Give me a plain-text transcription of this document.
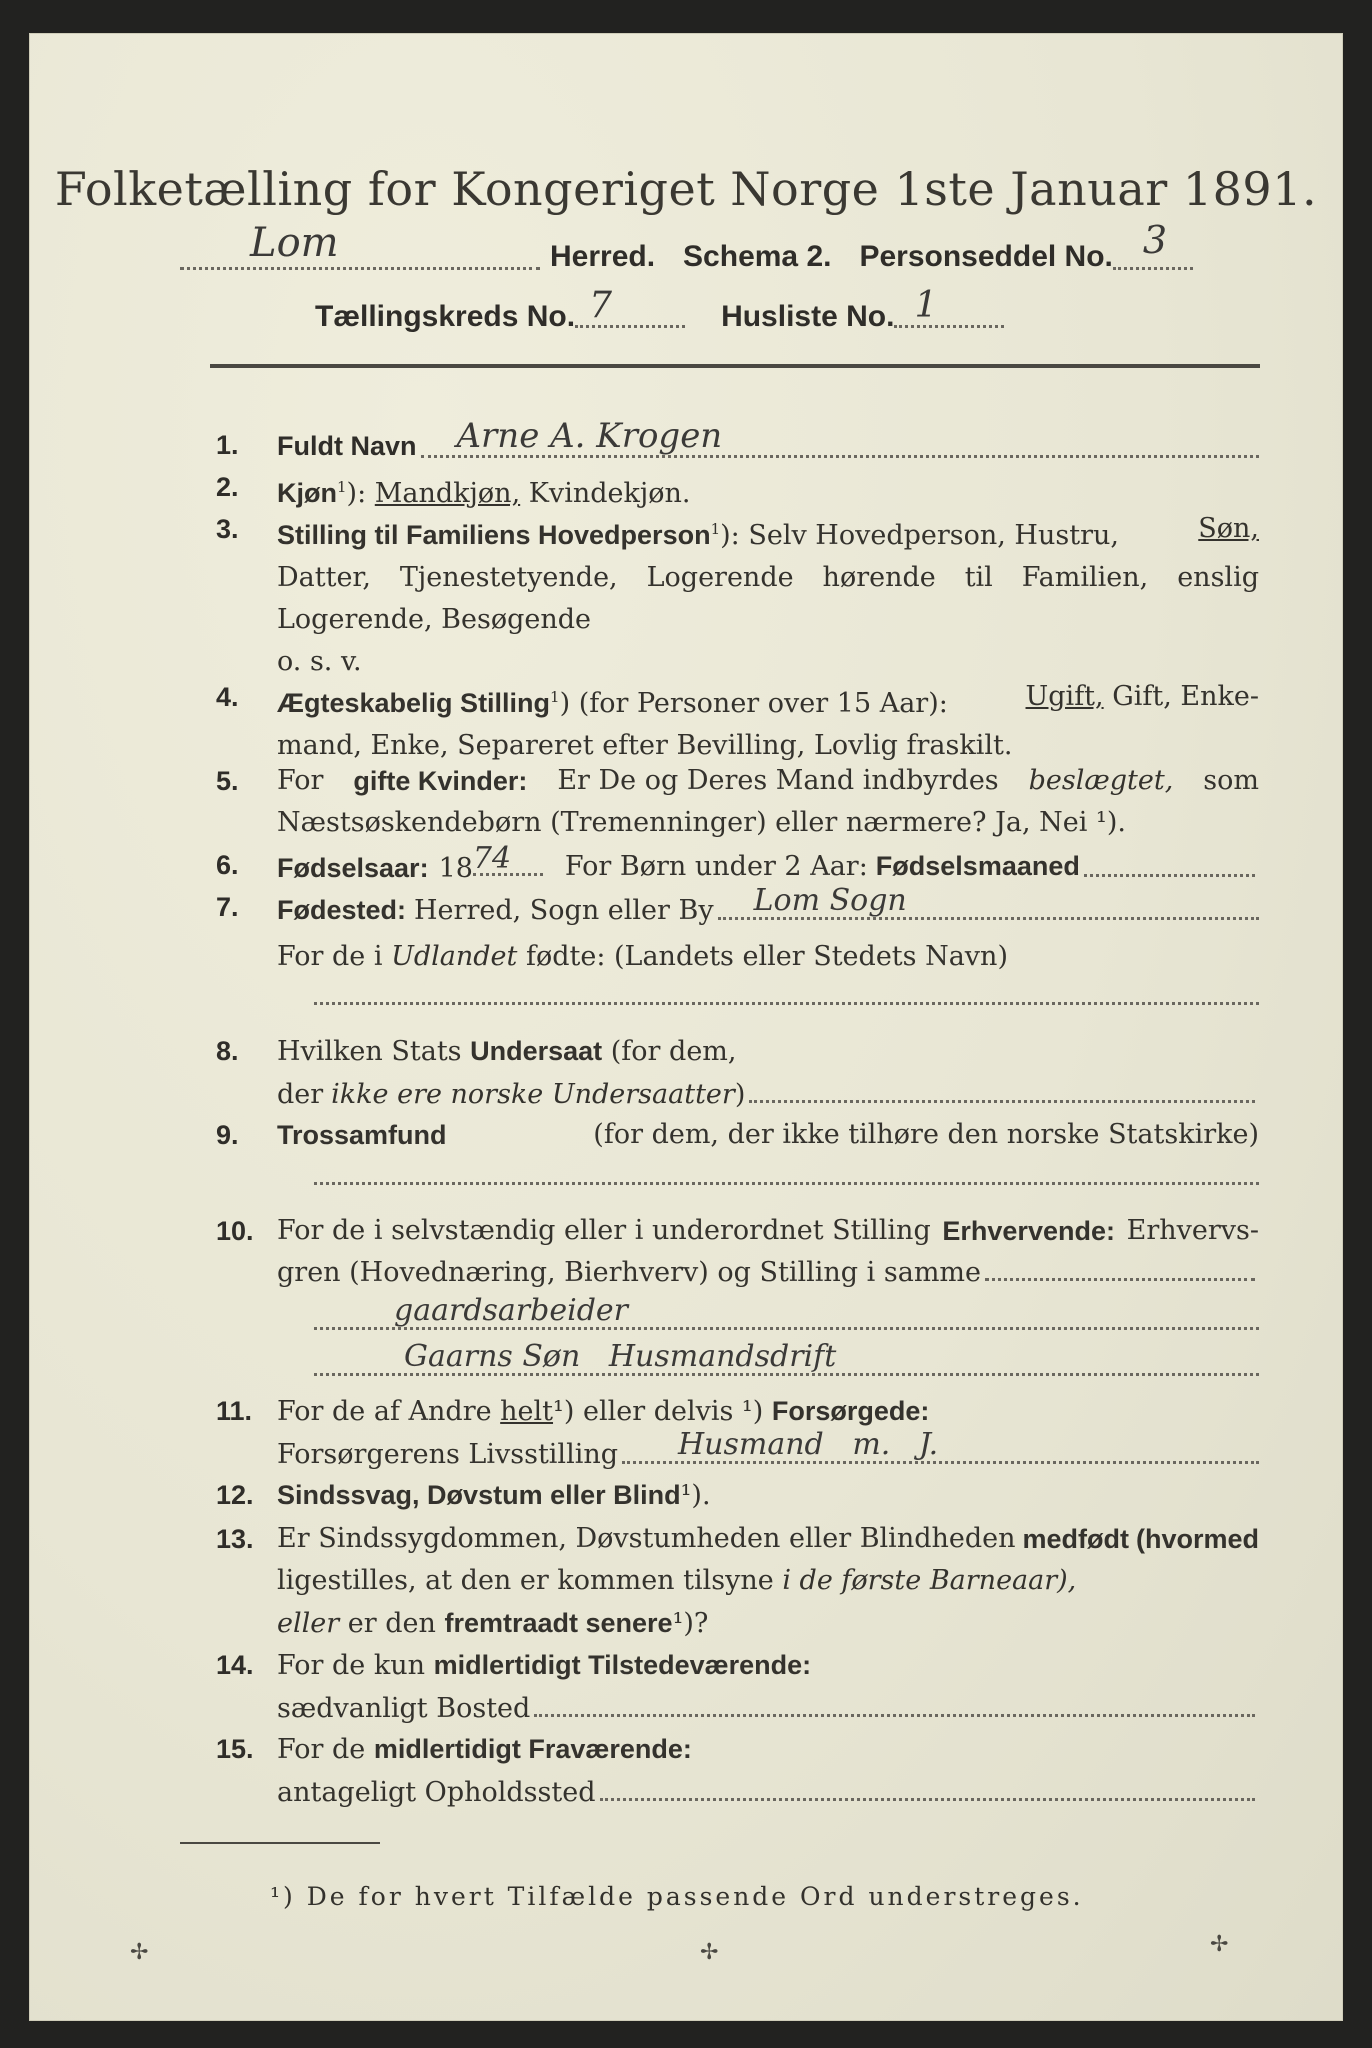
Folketælling for Kongeriget Norge 1ste Januar 1891.
Lom	Herred. Schema 2. Personseddel No. 3
Tællingskreds No. 7	Husliste No. 1
1.	Fuldt Navn Arne A. Krogen
2.	Kjøn$^1$): Mandkjøn, Kvindekjøn.
3.	Stilling til Familiens Hovedperson$^1$): Selv Hovedperson, Hustru,	Søn,
Datter, Tjenestetyende, Logerende hørende til Familien, enslig
Logerende, Besøgende
o. s. v.
4.	Ægteskabelig Stilling$^1$) (for Personer over 15 Aar):	Ugift, Gift, Enke-
mand, Enke, Separeret efter Bevilling, Lovlig fraskilt.
5.	For gifte Kvinder: Er De og Deres Mand indbyrdes beslægtet, som
Næstsøskendebørn (Tremenninger) eller nærmere? Ja, Nei ¹).
6.	Fødselsaar: 18 74 For Børn under 2 Aar: Fødselsmaaned
7.	Fødested: Herred, Sogn eller By Lom Sogn
For de i Udlandet fødte: (Landets eller Stedets Navn)
8.	Hvilken Stats Undersaat (for dem,
der ikke ere norske Undersaatter )
9.	Trossamfund	(for dem, der ikke tilhøre den norske Statskirke)
10. For de i selvstændig eller i underordnet Stilling Erhvervende: Erhvervs-
gren (Hovednæring, Bierhverv) og Stilling i samme
gaardsarbeider
Gaarns Søn   Husmandsdrift
11. For de af Andre helt¹) eller delvis ¹) Forsørgede:
Forsørgerens Livsstilling Husmand   m.   J.
12. Sindssvag, Døvstum eller Blind¹).
13. Er Sindssygdommen, Døvstumheden eller Blindheden medfødt (hvormed
ligestilles, at den er kommen tilsyne i de første Barneaar),
eller er den fremtraadt senere¹)?
14. For de kun midlertidigt Tilstedeværende:
sædvanligt Bosted
15. For de midlertidigt Fraværende:
antageligt Opholdssted
¹) De for hvert Tilfælde passende Ord understreges.
✢	✢	✢
